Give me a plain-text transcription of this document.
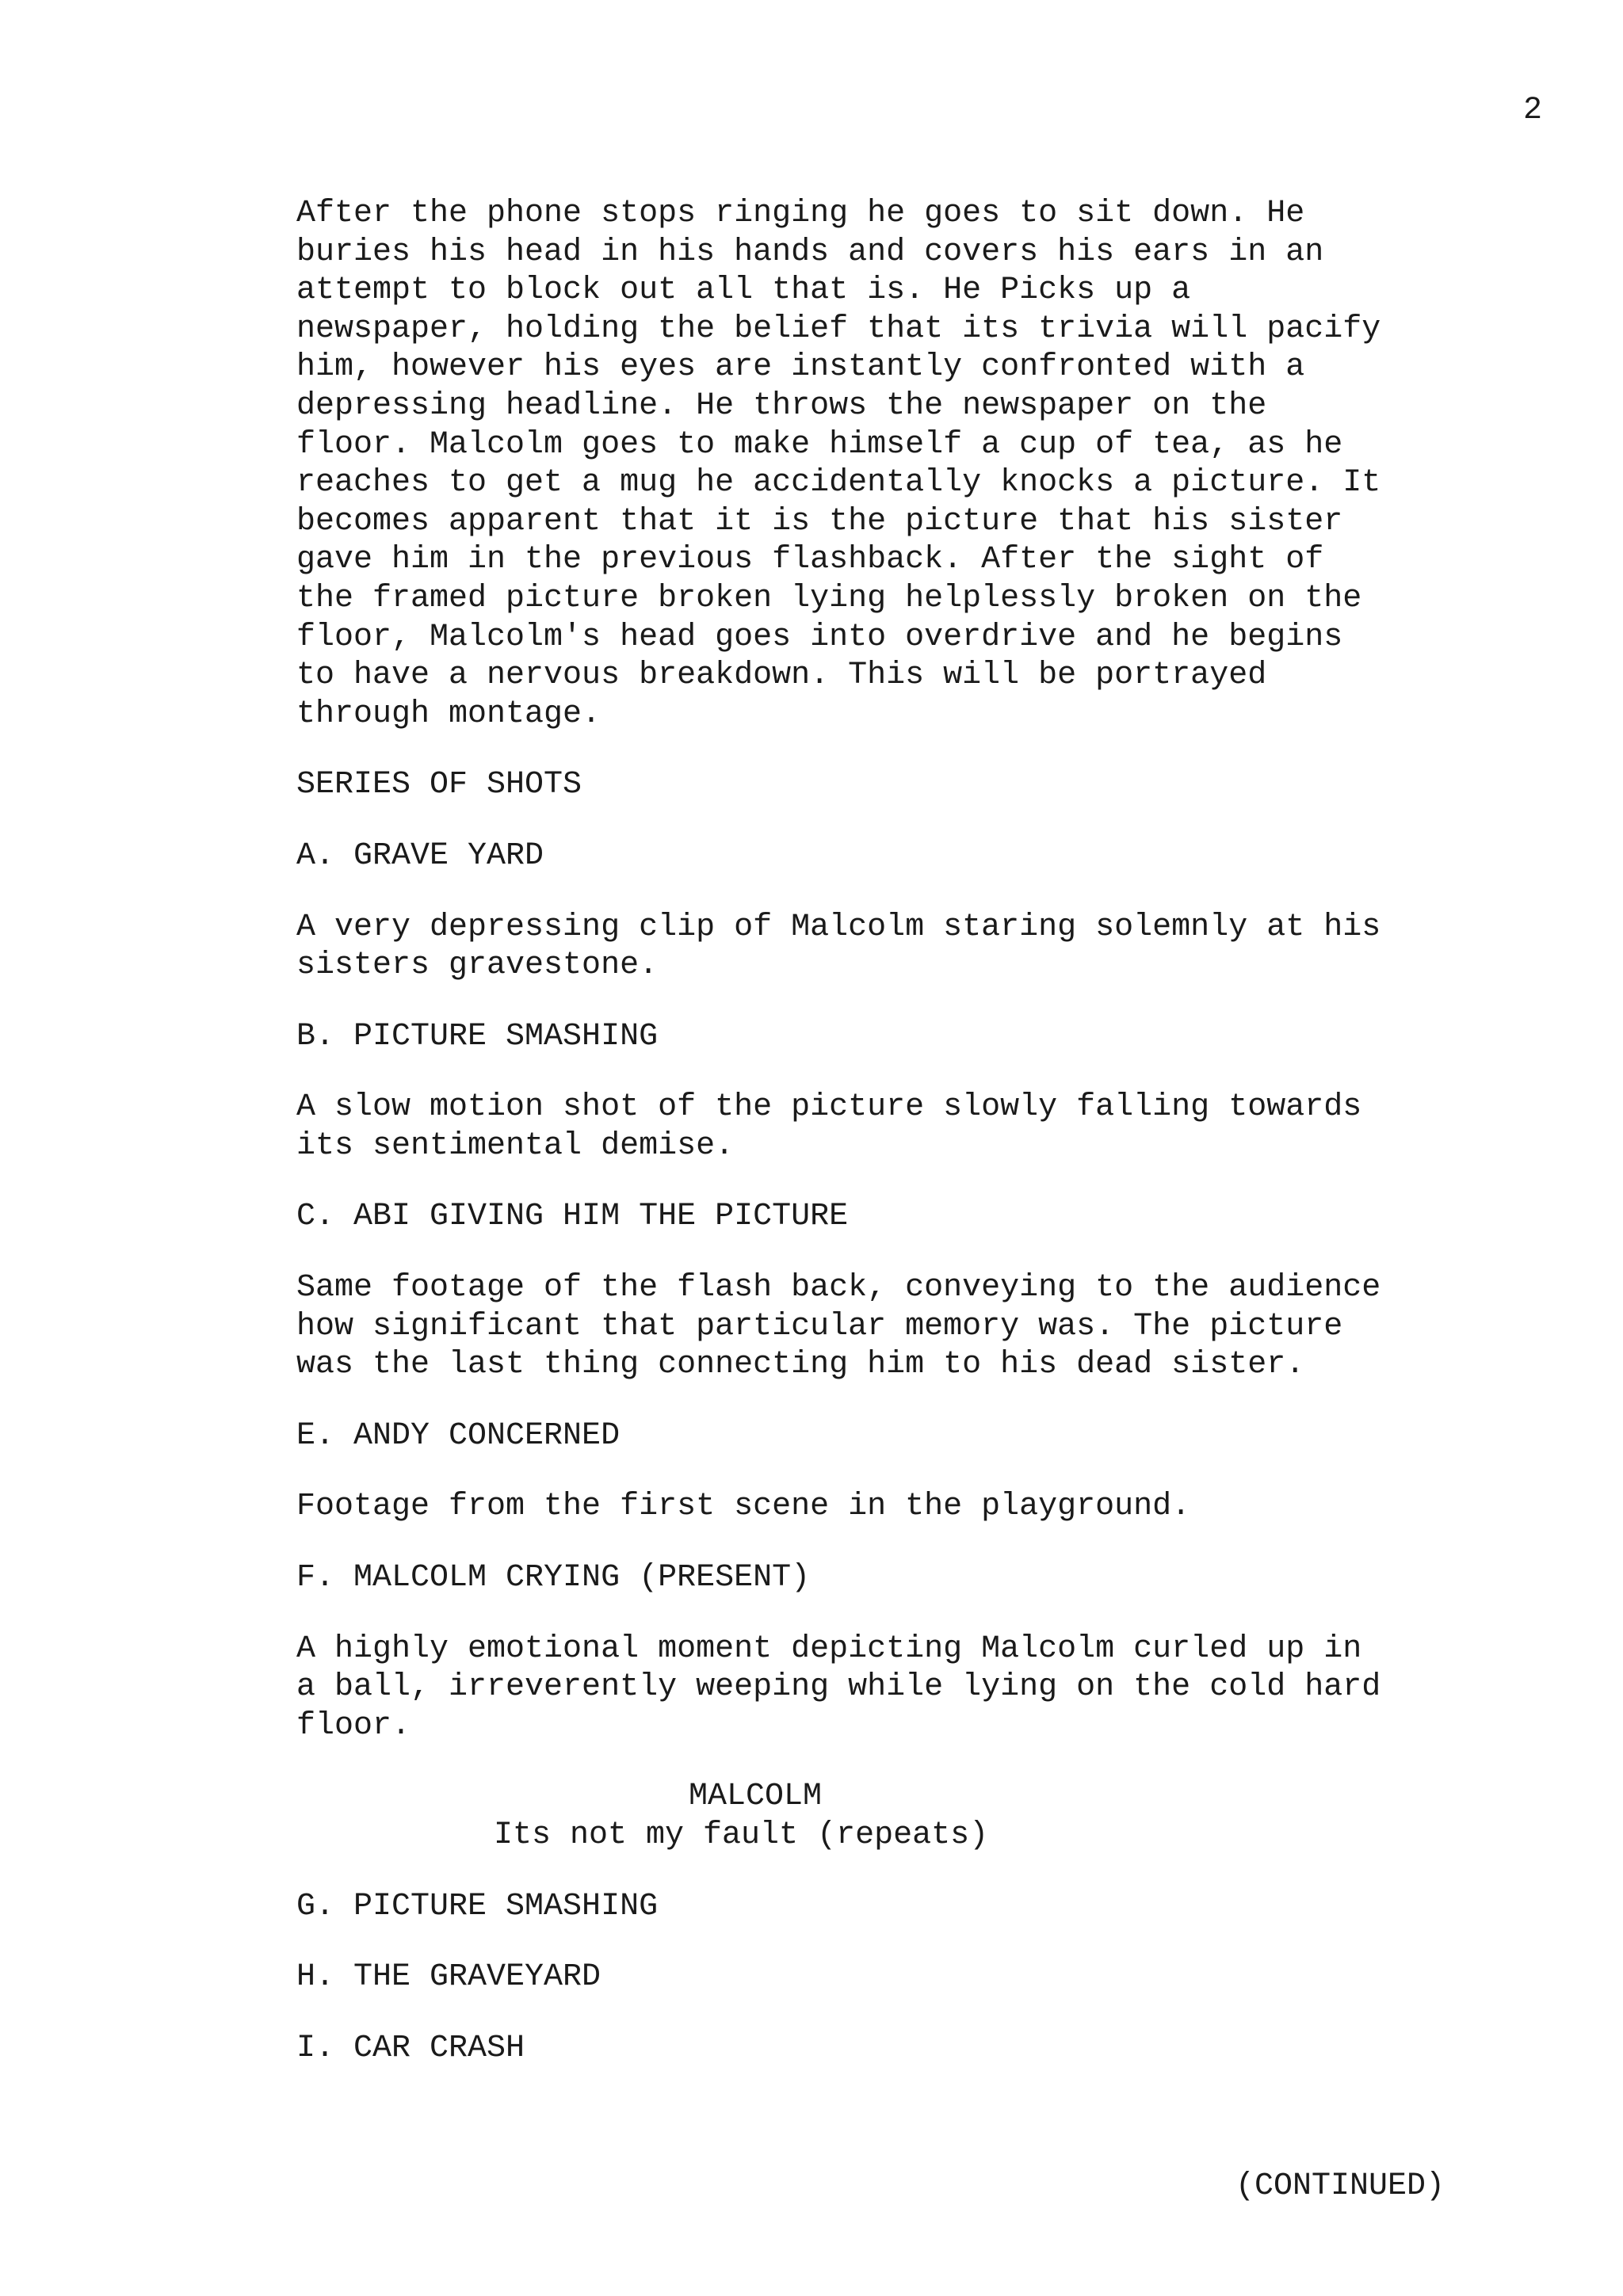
2

After the phone stops ringing he goes to sit down. He
buries his head in his hands and covers his ears in an
attempt to block out all that is. He Picks up a
newspaper, holding the belief that its trivia will pacify
him, however his eyes are instantly confronted with a
depressing headline. He throws the newspaper on the
floor. Malcolm goes to make himself a cup of tea, as he
reaches to get a mug he accidentally knocks a picture. It
becomes apparent that it is the picture that his sister
gave him in the previous flashback. After the sight of
the framed picture broken lying helplessly broken on the
floor, Malcolm's head goes into overdrive and he begins
to have a nervous breakdown. This will be portrayed
through montage.

SERIES OF SHOTS
A. GRAVE YARD

A very depressing clip of Malcolm staring solemnly at his
sisters gravestone.

B. PICTURE SMASHING

A slow motion shot of the picture slowly falling towards
its sentimental demise.

C. ABI GIVING HIM THE PICTURE

Same footage of the flash back, conveying to the audience
how significant that particular memory was. The picture
was the last thing connecting him to his dead sister.

E. ANDY CONCERNED

Footage from the first scene in the playground.

F. MALCOLM CRYING (PRESENT)

A highly emotional moment depicting Malcolm curled up in
a ball, irreverently weeping while lying on the cold hard
floor.

MALCOLM
Its not my fault (repeats)
G. PICTURE SMASHING
H. THE GRAVEYARD
I. CAR CRASH
(CONTINUED)
